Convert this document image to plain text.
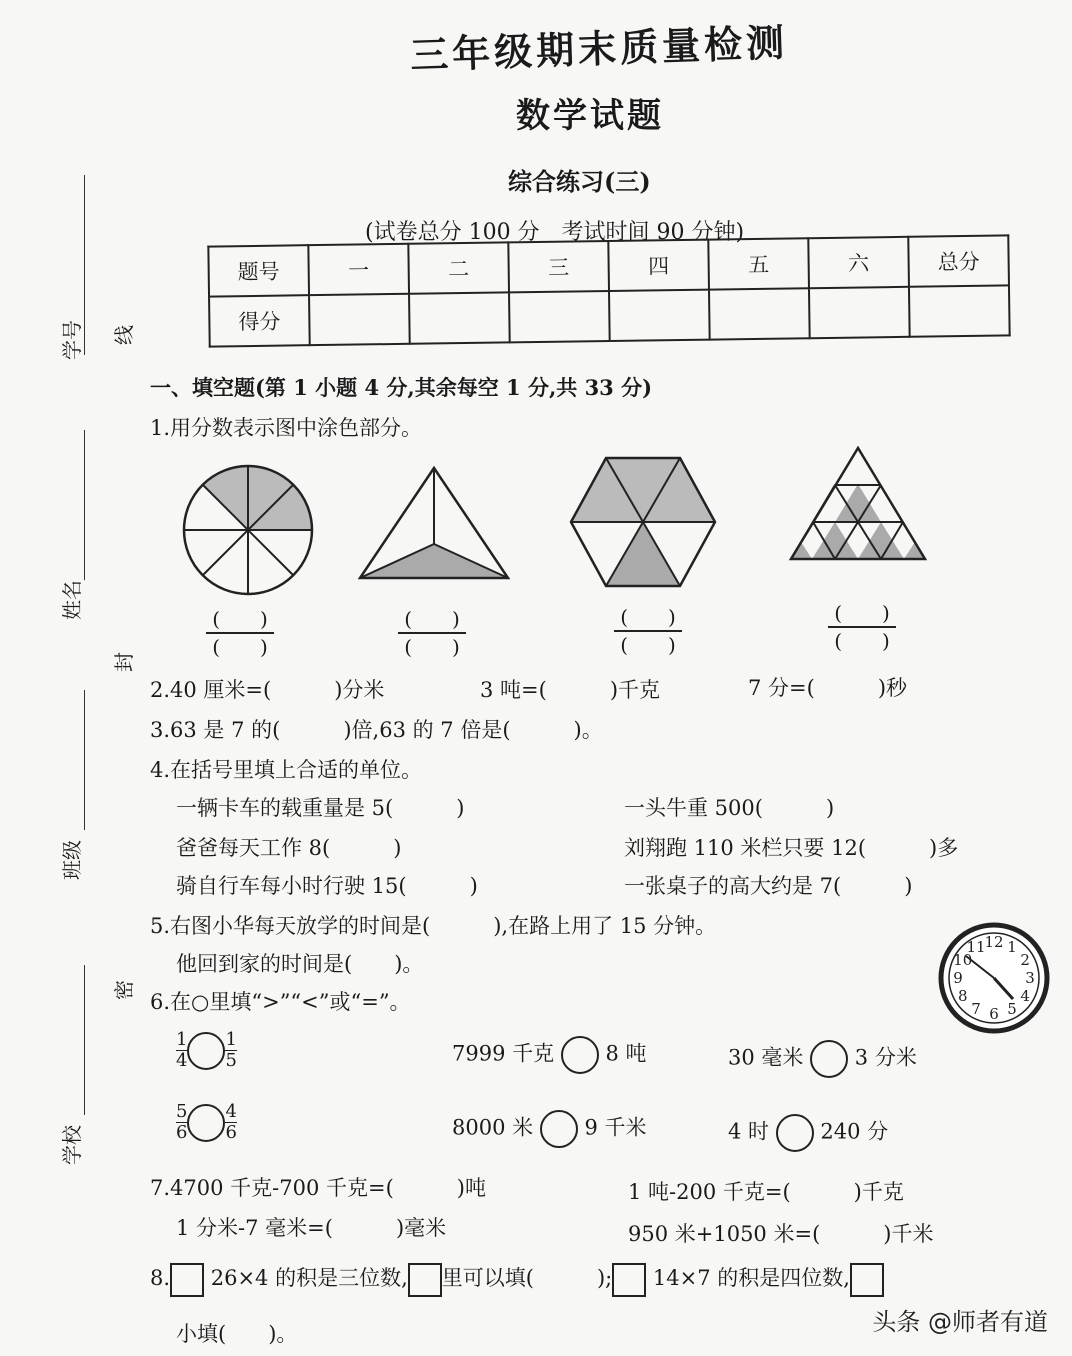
学号
姓名
班级
学校
线
封
密
三年级期末质量检测
数学试题
综合练习(三)
(试卷总分 100 分　考试时间 90 分钟)
题号	一	二	三	四	五	六	总分
得分							
一、填空题(第 1 小题 4 分,其余每空 1 分,共 33 分)
1.用分数表示图中涂色部分。
(　　)
(　　)
(　　)
(　　)
(　　)
(　　)
(　　)
(　　)
2.40 厘米=(　　　)分米	3 吨=(　　　)千克	7 分=(　　　)秒
3.63 是 7 的(　　　)倍,63 的 7 倍是(　　　)。
4.在括号里填上合适的单位。
一辆卡车的载重量是 5(　　　)	一头牛重 500(　　　)
爸爸每天工作 8(　　　)	刘翔跑 110 米栏只要 12(　　　)多
骑自行车每小时行驶 15(　　　)	一张桌子的高大约是 7(　　　)
5.右图小华每天放学的时间是(　　　),在路上用了 15 分钟。
他回到家的时间是(　　)。
12 1
2
3
4
5
6
7
8
9
10
11
6.在○里填“>”“<”或“=”。
$\frac{1}{4} \frac{1}{5}$	7999 千克 8 吨	30 毫米 3 分米
$\frac{5}{6} \frac{4}{6}$	8000 米 9 千米	4 时 240 分
7.4700 千克-700 千克=(　　　)吨	1 吨-200 千克=(　　　)千克
1 分米-7 毫米=(　　　)毫米	950 米+1050 米=(　　　)千米
8. 26×4 的积是三位数, 里可以填(　　　); 14×7 的积是四位数,
小填(　　)。	头条 @师者有道
